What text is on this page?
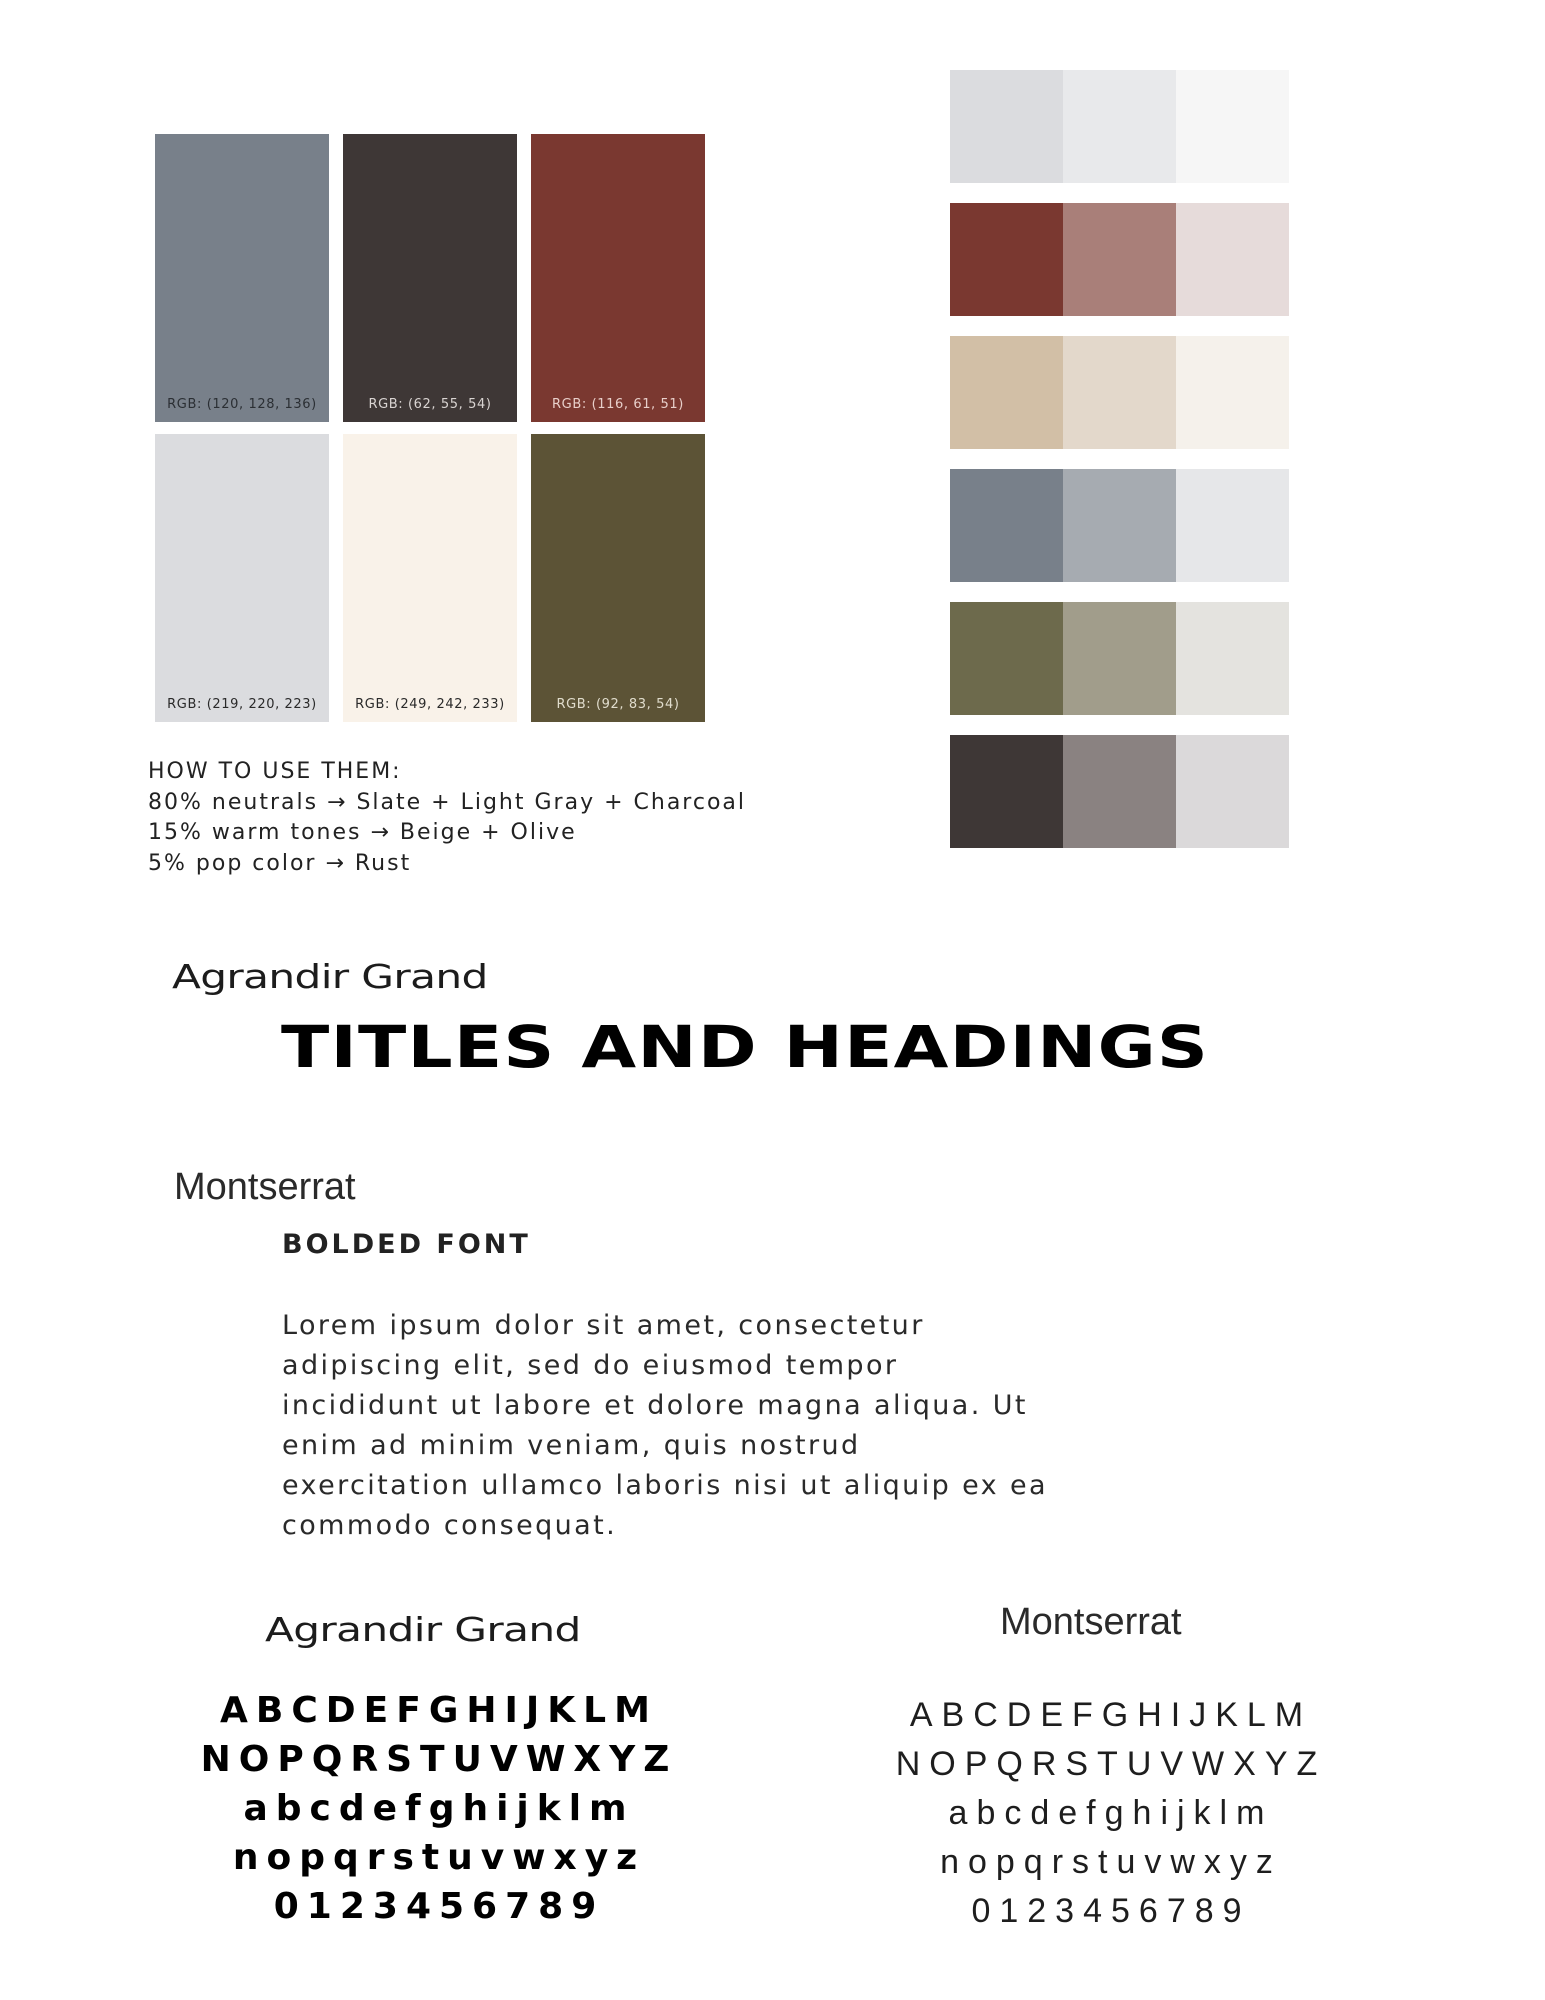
RGB: (120, 128, 136)	RGB: (62, 55, 54)	RGB: (116, 61, 51)
RGB: (219, 220, 223)	RGB: (249, 242, 233)	RGB: (92, 83, 54)
HOW TO USE THEM:
80% neutrals → Slate + Light Gray + Charcoal
15% warm tones → Beige + Olive
5% pop color → Rust
Agrandir Grand
TITLES AND HEADINGS
Montserrat
BOLDED FONT
Lorem ipsum dolor sit amet, consectetur
adipiscing elit, sed do eiusmod tempor
incididunt ut labore et dolore magna aliqua. Ut
enim ad minim veniam, quis nostrud
exercitation ullamco laboris nisi ut aliquip ex ea
commodo consequat.
Agrandir Grand	Montserrat
ABCDEFGHIJKLM
NOPQRSTUVWXYZ
abcdefghijklm
nopqrstuvwxyz
0123456789
ABCDEFGHIJKLM
NOPQRSTUVWXYZ
abcdefghijklm
nopqrstuvwxyz
0123456789
